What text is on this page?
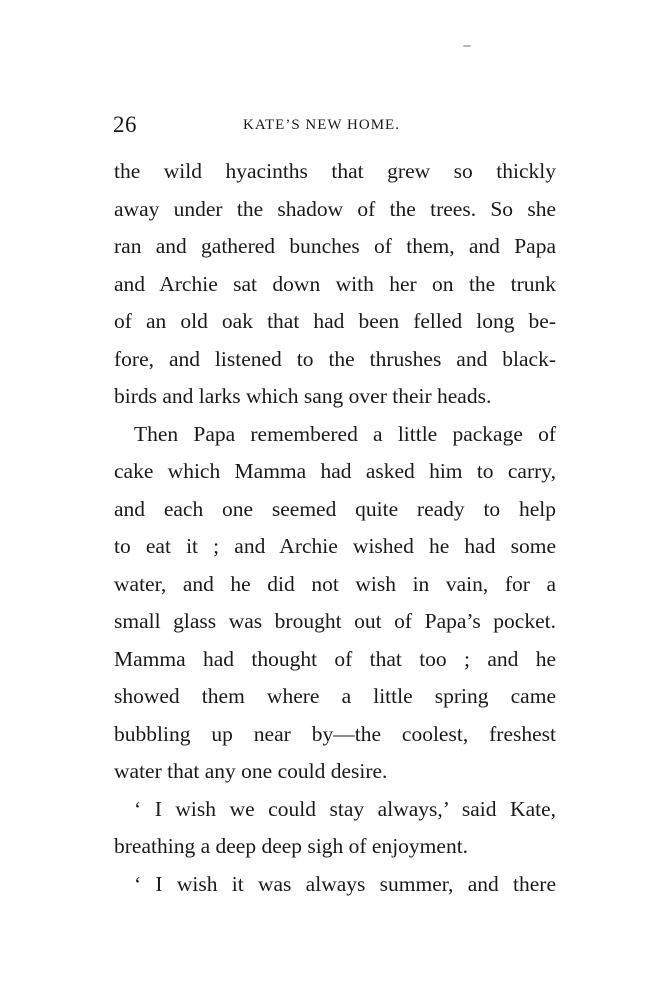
26	KATE’S NEW HOME.
the wild hyacinths that grew so thickly
away under the shadow of the trees. So she
ran and gathered bunches of them, and Papa
and Archie sat down with her on the trunk
of an old oak that had been felled long be-
fore, and listened to the thrushes and black-
birds and larks which sang over their heads.
Then Papa remembered a little package of
cake which Mamma had asked him to carry,
and each one seemed quite ready to help
to eat it ; and Archie wished he had some
water, and he did not wish in vain, for a
small glass was brought out of Papa’s pocket.
Mamma had thought of that too ; and he
showed them where a little spring came
bubbling up near by—the coolest, freshest
water that any one could desire.
‘ I wish we could stay always,’ said Kate,
breathing a deep deep sigh of enjoyment.
‘ I wish it was always summer, and there
